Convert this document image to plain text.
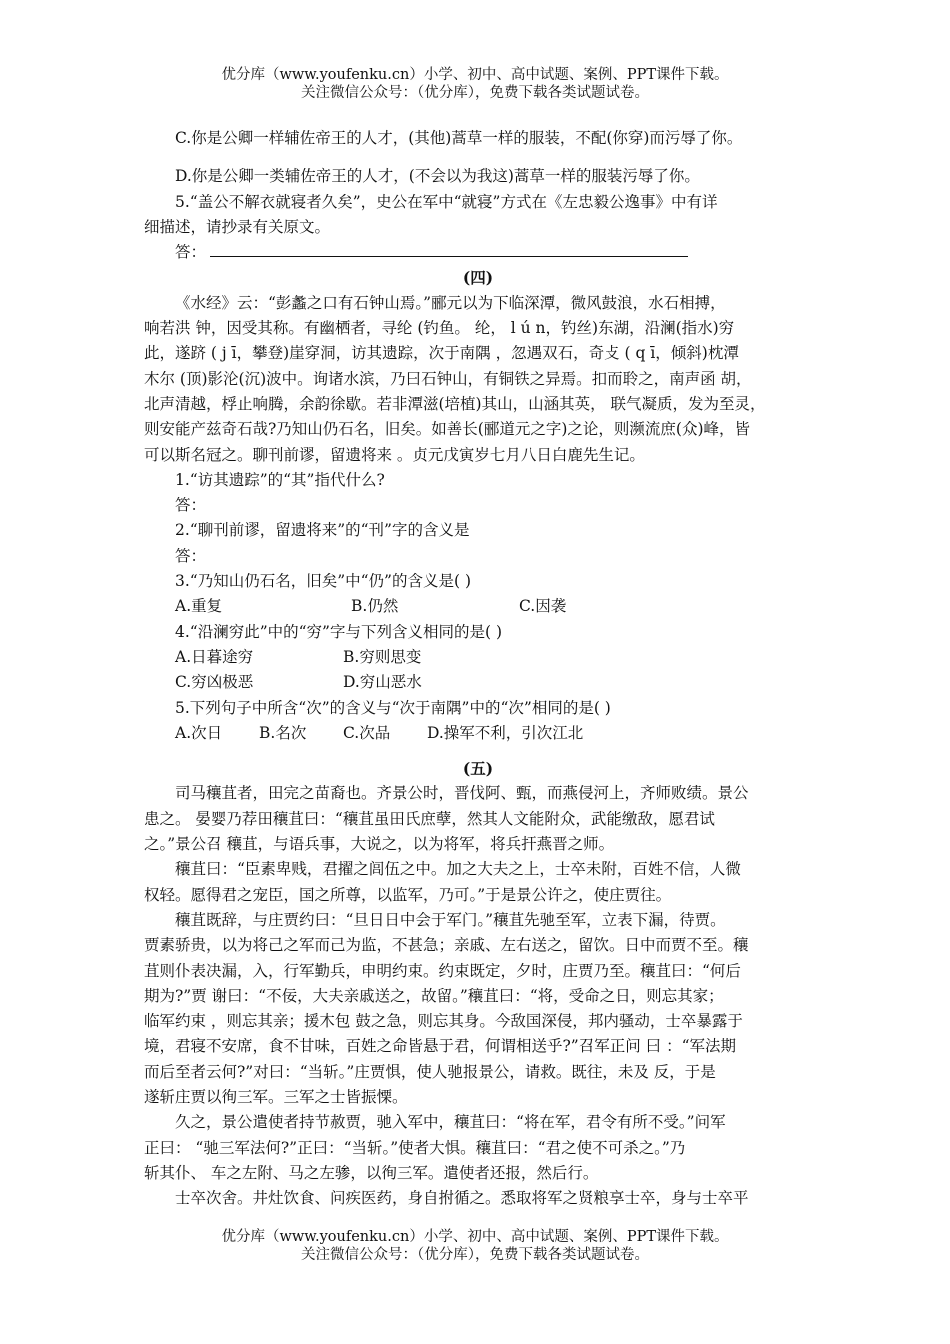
优分库（www.youfenku.cn）小学、初中、高中试题、案例、PPT课件下载。
关注微信公众号：（优分库），免费下载各类试题试卷。

C.你是公卿一样辅佐帝王的人才，(其他)蒿草一样的服装，不配(你穿)而污辱了你。

D.你是公卿一类辅佐帝王的人才，(不会以为我这)蒿草一样的服装污辱了你。

5.“盖公不解衣就寝者久矣”，史公在军中“就寝”方式在《左忠毅公逸事》中有详

细描述，请抄录有关原文。

答：

(四)

《水经》云：“彭蠡之口有石钟山焉。”郦元以为下临深潭，微风鼓浪，水石相搏，

响若洪 钟，因受其称。有幽栖者，寻纶 (钓鱼。 纶， l ú n，钓丝)东湖，沿澜(指水)穷

此，遂跻 ( j ī，攀登)崖穿洞，访其遗踪，次于南隅 ，忽遇双石，奇攴 ( q ī，倾斜)枕潭

木尔 (顶)影沦(沉)波中。询诸水滨，乃曰石钟山，有铜铁之异焉。扣而聆之，南声函 胡，

北声清越，桴止响腾，余韵徐歇。若非潭滋(培植)其山，山涵其英， 联气凝质，发为至灵，

则安能产兹奇石哉?乃知山仍石名，旧矣。如善长(郦道元之字)之论，则濒流庶(众)峰，皆

可以斯名冠之。聊刊前谬，留遗将来 。贞元戊寅岁七月八日白鹿先生记。

1.“访其遗踪”的“其”指代什么?

答：

2.“聊刊前谬，留遗将来”的“刊”字的含义是

答：

3.“乃知山仍石名，旧矣”中“仍”的含义是( )

A.重复	B.仍然	C.因袭

4.“沿澜穷此”中的“穷”字与下列含义相同的是( )

A.日暮途穷	B.穷则思变

C.穷凶极恶	D.穷山恶水

5.下列句子中所含“次”的含义与“次于南隅”中的“次”相同的是( )

A.次日 B.名次 C.次品 D.操军不利，引次江北

(五)

司马穰苴者，田完之苗裔也。齐景公时，晋伐阿、甄，而燕侵河上，齐师败绩。景公

患之。 晏婴乃荐田穰苴曰：“穰苴虽田氏庶孽，然其人文能附众，武能缴敌，愿君试

之。”景公召 穰苴，与语兵事，大说之，以为将军，将兵扞燕晋之师。

穰苴曰：“臣素卑贱，君擢之闾伍之中。加之大夫之上，士卒未附，百姓不信，人微

权轻。愿得君之宠臣，国之所尊，以监军，乃可。”于是景公许之，使庄贾往。

穰苴既辞，与庄贾约曰：“旦日日中会于军门。”穰苴先驰至军，立表下漏，待贾。

贾素骄贵，以为将己之军而己为监，不甚急；亲戚、左右送之，留饮。日中而贾不至。穰

苴则仆表决漏，入，行军勤兵，申明约束。约束既定，夕时，庄贾乃至。穰苴曰：“何后

期为?”贾 谢曰：“不佞，大夫亲戚送之，故留。”穰苴曰：“将，受命之日，则忘其家；

临军约束 ，则忘其亲；援木包 鼓之急，则忘其身。今敌国深侵，邦内骚动，士卒暴露于

境，君寝不安席，食不甘味，百姓之命皆悬于君，何谓相送乎?”召军正问 曰 ：“军法期

而后至者云何?”对曰：“当斩。”庄贾惧，使人驰报景公，请救。既往，未及 反，于是

遂斩庄贾以徇三军。三军之士皆振慄。

久之，景公遣使者持节赦贾，驰入军中，穰苴曰：“将在军，君令有所不受。”问军

正曰： “驰三军法何?”正曰：“当斩。”使者大惧。穰苴曰：“君之使不可杀之。”乃

斩其仆、 车之左附、马之左骖，以徇三军。遣使者还报，然后行。

士卒次舍。井灶饮食、问疾医药，身自拊循之。悉取将军之贤粮享士卒，身与士卒平

优分库（www.youfenku.cn）小学、初中、高中试题、案例、PPT课件下载。
关注微信公众号：（优分库），免费下载各类试题试卷。
